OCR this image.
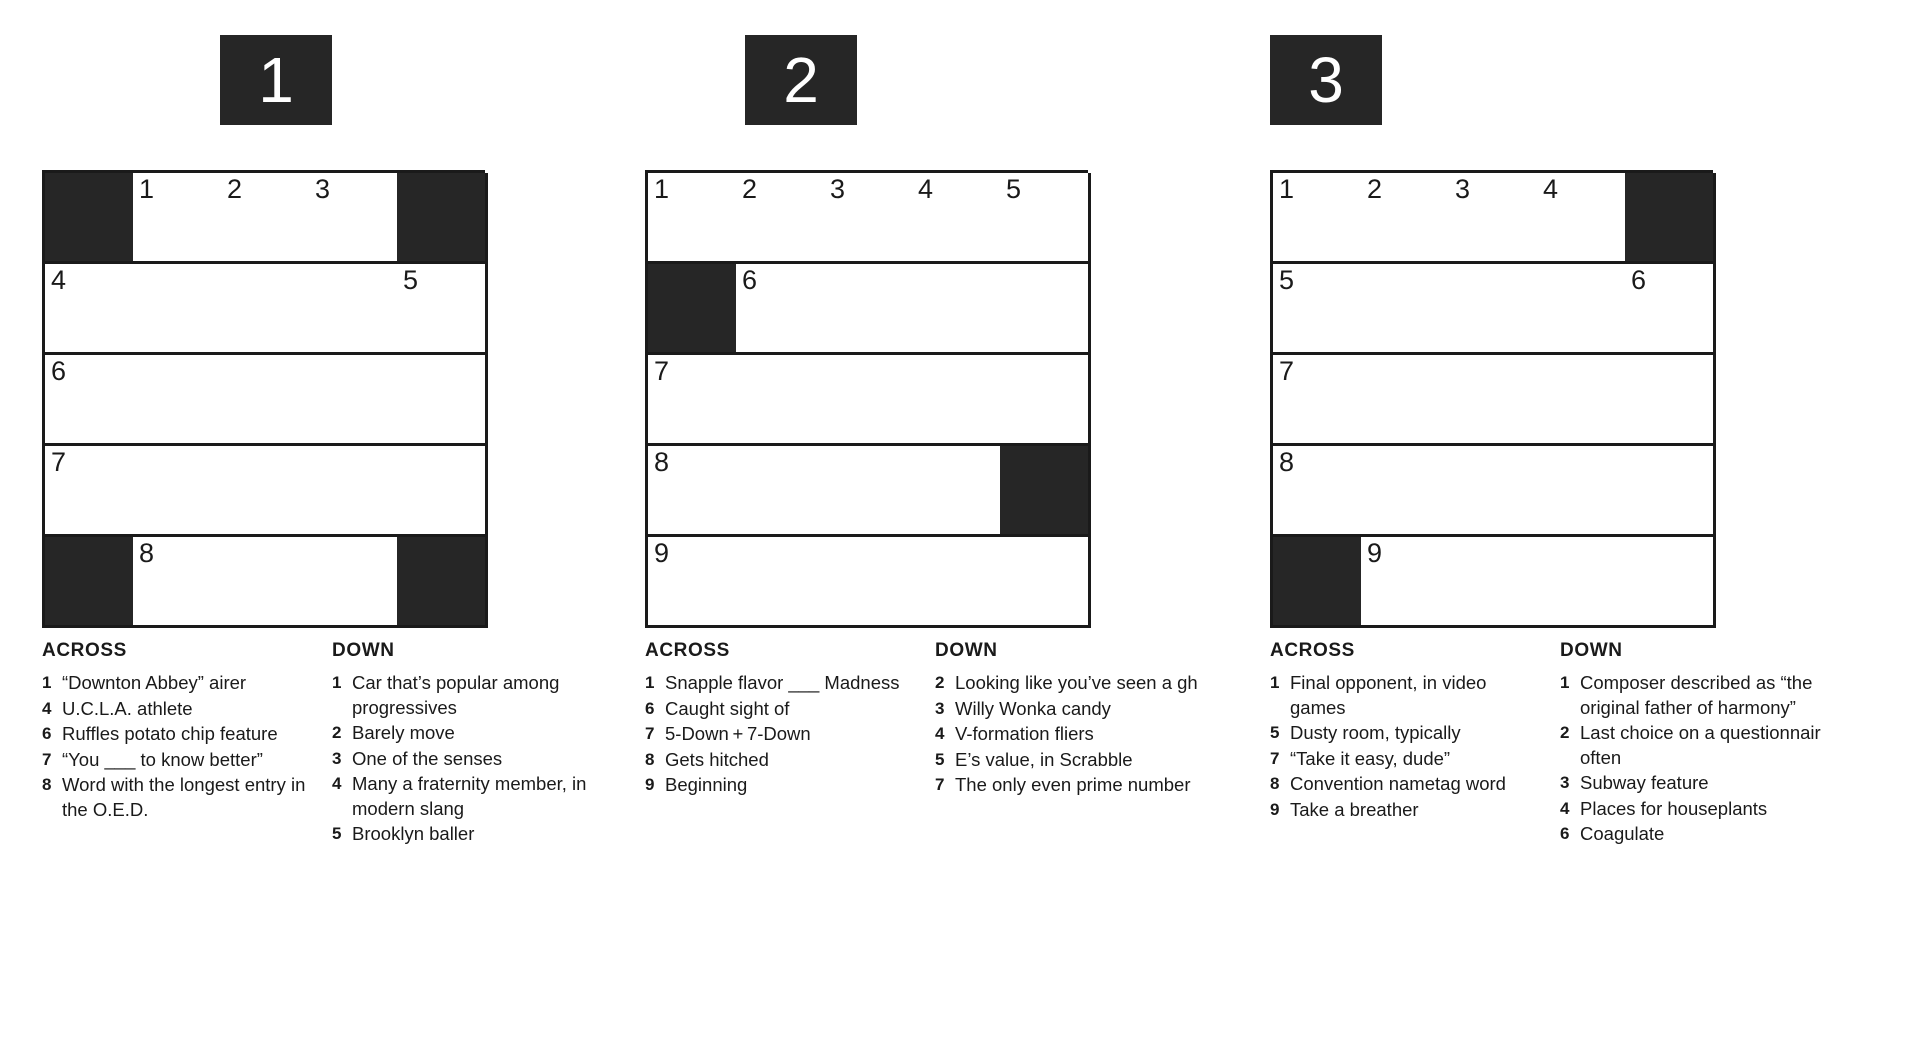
1
1	2	3
4	5
6
7
8
ACROSS
1 “Downton Abbey” airer
4 U.C.L.A. athlete
6 Ruffles potato chip feature
7 “You ___ to know better”
8 Word with the longest entry in the O.E.D.
DOWN
1 Car that’s popular among progressives
2 Barely move
3 One of the senses
4 Many a fraternity member, in modern slang
5 Brooklyn baller
2
1	2	3	4	5
6
7
8
9
ACROSS
1 Snapple flavor ___ Madness
6 Caught sight of
7 5-Down + 7-Down
8 Gets hitched
9 Beginning
DOWN
2 Looking like you’ve seen a gh
3 Willy Wonka candy
4 V-formation fliers
5 E’s value, in Scrabble
7 The only even prime number
3
1	2	3	4
5	6
7
8
9
ACROSS
1 Final opponent, in video games
5 Dusty room, typically
7 “Take it easy, dude”
8 Convention nametag word
9 Take a breather
DOWN
1 Composer described as “the original father of harmony”
2 Last choice on a questionnair often
3 Subway feature
4 Places for houseplants
6 Coagulate
